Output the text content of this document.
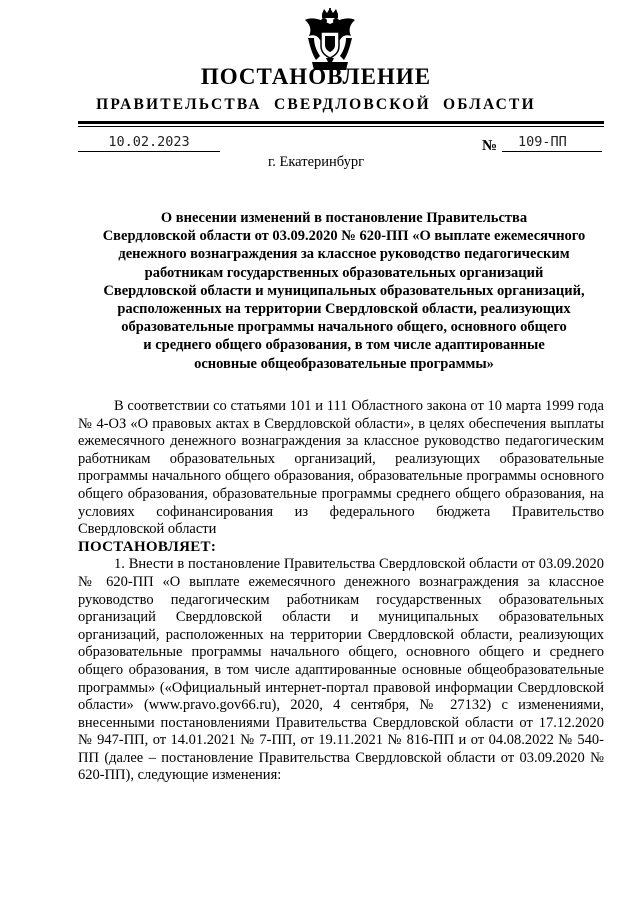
ПОСТАНОВЛЕНИЕ
ПРАВИТЕЛЬСТВА  СВЕРДЛОВСКОЙ  ОБЛАСТИ
10.02.2023	№	109-ПП
г. Екатеринбург
О внесении изменений в постановление Правительства
Свердловской области от 03.09.2020 № 620-ПП «О выплате ежемесячного
денежного вознаграждения за классное руководство педагогическим
работникам государственных образовательных организаций
Свердловской области и муниципальных образовательных организаций,
расположенных на территории Свердловской области, реализующих
образовательные программы начального общего, основного общего
и среднего общего образования, в том числе адаптированные
основные общеобразовательные программы»

В соответствии со статьями 101 и 111 Областного закона от 10 марта 1999 года № 4-ОЗ «О правовых актах в Свердловской области», в целях обеспечения выплаты ежемесячного денежного вознаграждения за классное руководство педагогическим работникам образовательных организаций, реализующих образовательные программы начального общего образования, образовательные программы основного общего образования, образовательные программы среднего общего образования, на условиях софинансирования из федерального бюджета Правительство Свердловской области

ПОСТАНОВЛЯЕТ:

1. Внести в постановление Правительства Свердловской области от 03.09.2020 № 620-ПП «О выплате ежемесячного денежного вознаграждения за классное руководство педагогическим работникам государственных образовательных организаций Свердловской области и муниципальных образовательных организаций, расположенных на территории Свердловской области, реализующих образовательные программы начального общего, основного общего и среднего общего образования, в том числе адаптированные основные общеобразовательные программы» («Официальный интернет-портал правовой информации Свердловской области» (www.pravo.gov66.ru), 2020, 4 сентября, № 27132) с изменениями, внесенными постановлениями Правительства Свердловской области от 17.12.2020 № 947-ПП, от 14.01.2021 № 7-ПП, от 19.11.2021 № 816-ПП и от 04.08.2022 № 540-ПП (далее – постановление Правительства Свердловской области от 03.09.2020 № 620-ПП), следующие изменения:
